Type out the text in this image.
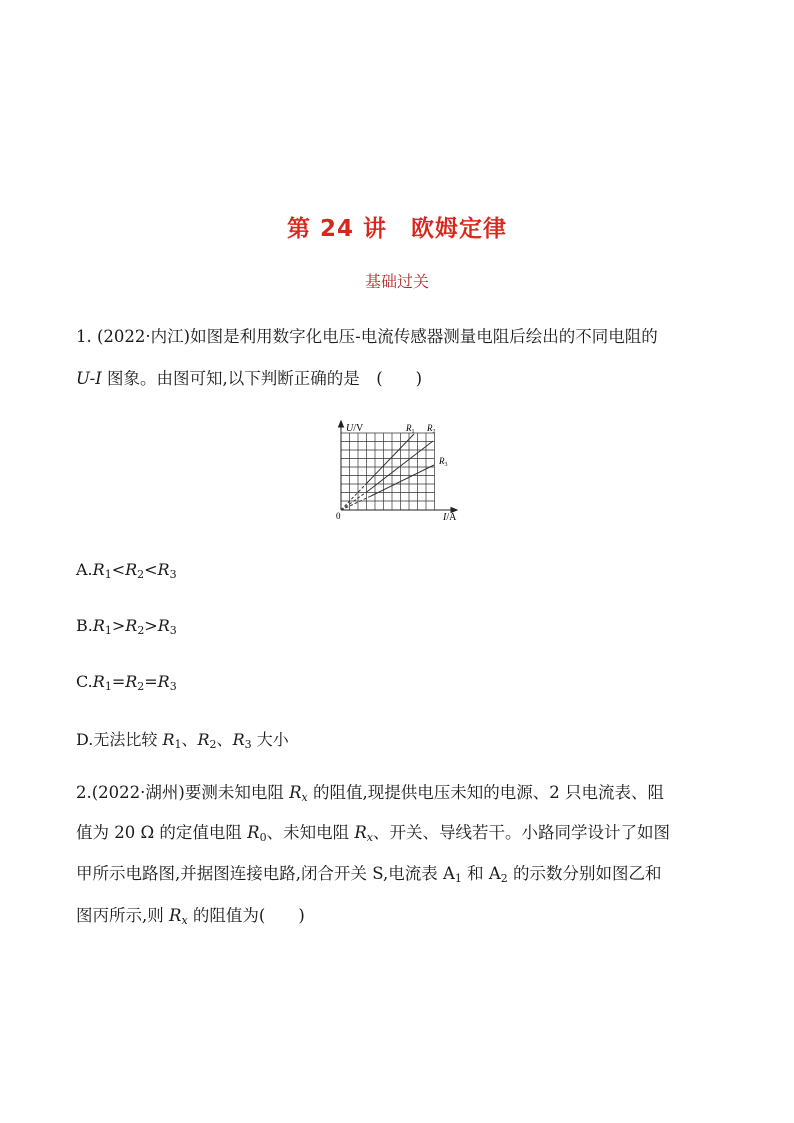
第 24 讲　欧姆定律
基础过关
1. (2022·内江)如图是利用数字化电压-电流传感器测量电阻后绘出的不同电阻的
U-I 图象。由图可知,以下判断正确的是　(　　)
U/V
I/A
0
$R_1$ $R_2$
$R_3$
$A.R_1<R_2<R_3$
$B.R_1>R_2>R_3$
$C.R_1=R_2=R_3$
D.无法比较 $R_1$、$R_2$、$R_3$ 大小
2.(2022·湖州)要测未知电阻 $R_x$ 的阻值,现提供电压未知的电源、2 只电流表、阻
值为 20 Ω 的定值电阻 $R_0$、未知电阻 $R_x$、开关、导线若干。小路同学设计了如图
甲所示电路图,并据图连接电路,闭合开关 S,电流表 $A_1$ 和 $A_2$ 的示数分别如图乙和
图丙所示,则 $R_x$ 的阻值为(　　)
